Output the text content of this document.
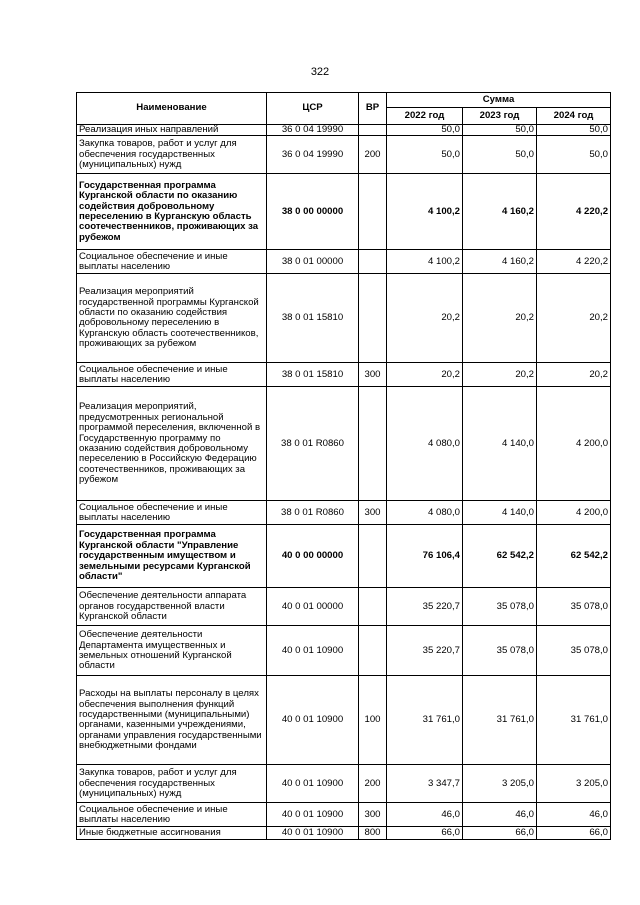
322
Наименование	ЦСР	ВР	Сумма		
			2022 год	2023 год	2024 год
Реализация иных направлений	36 0 04 19990		50,0	50,0	50,0
Закупка товаров, работ и услуг для обеспечения государственных (муниципальных) нужд	36 0 04 19990	200	50,0	50,0	50,0
Государственная программа Курганской области по оказанию содействия добровольному переселению в Курганскую область соотечественников, проживающих за рубежом	38 0 00 00000		4 100,2	4 160,2	4 220,2
Социальное обеспечение и иные выплаты населению	38 0 01 00000		4 100,2	4 160,2	4 220,2
Реализация мероприятий государственной программы Курганской области по оказанию содействия добровольному переселению в Курганскую область соотечественников, проживающих за рубежом	38 0 01 15810		20,2	20,2	20,2
Социальное обеспечение и иные выплаты населению	38 0 01 15810	300	20,2	20,2	20,2
Реализация мероприятий, предусмотренных региональной программой переселения, включенной в Государственную программу по оказанию содействия добровольному переселению в Российскую Федерацию соотечественников, проживающих за рубежом	38 0 01 R0860		4 080,0	4 140,0	4 200,0
Социальное обеспечение и иные выплаты населению	38 0 01 R0860	300	4 080,0	4 140,0	4 200,0
Государственная программа Курганской области "Управление государственным имуществом и земельными ресурсами Курганской области"	40 0 00 00000		76 106,4	62 542,2	62 542,2
Обеспечение деятельности аппарата органов государственной власти Курганской области	40 0 01 00000		35 220,7	35 078,0	35 078,0
Обеспечение деятельности Департамента имущественных и земельных отношений Курганской области	40 0 01 10900		35 220,7	35 078,0	35 078,0
Расходы на выплаты персоналу в целях обеспечения выполнения функций государственными (муниципальными) органами, казенными учреждениями, органами управления государственными внебюджетными фондами	40 0 01 10900	100	31 761,0	31 761,0	31 761,0
Закупка товаров, работ и услуг для обеспечения государственных (муниципальных) нужд	40 0 01 10900	200	3 347,7	3 205,0	3 205,0
Социальное обеспечение и иные выплаты населению	40 0 01 10900	300	46,0	46,0	46,0
Иные бюджетные ассигнования	40 0 01 10900	800	66,0	66,0	66,0
